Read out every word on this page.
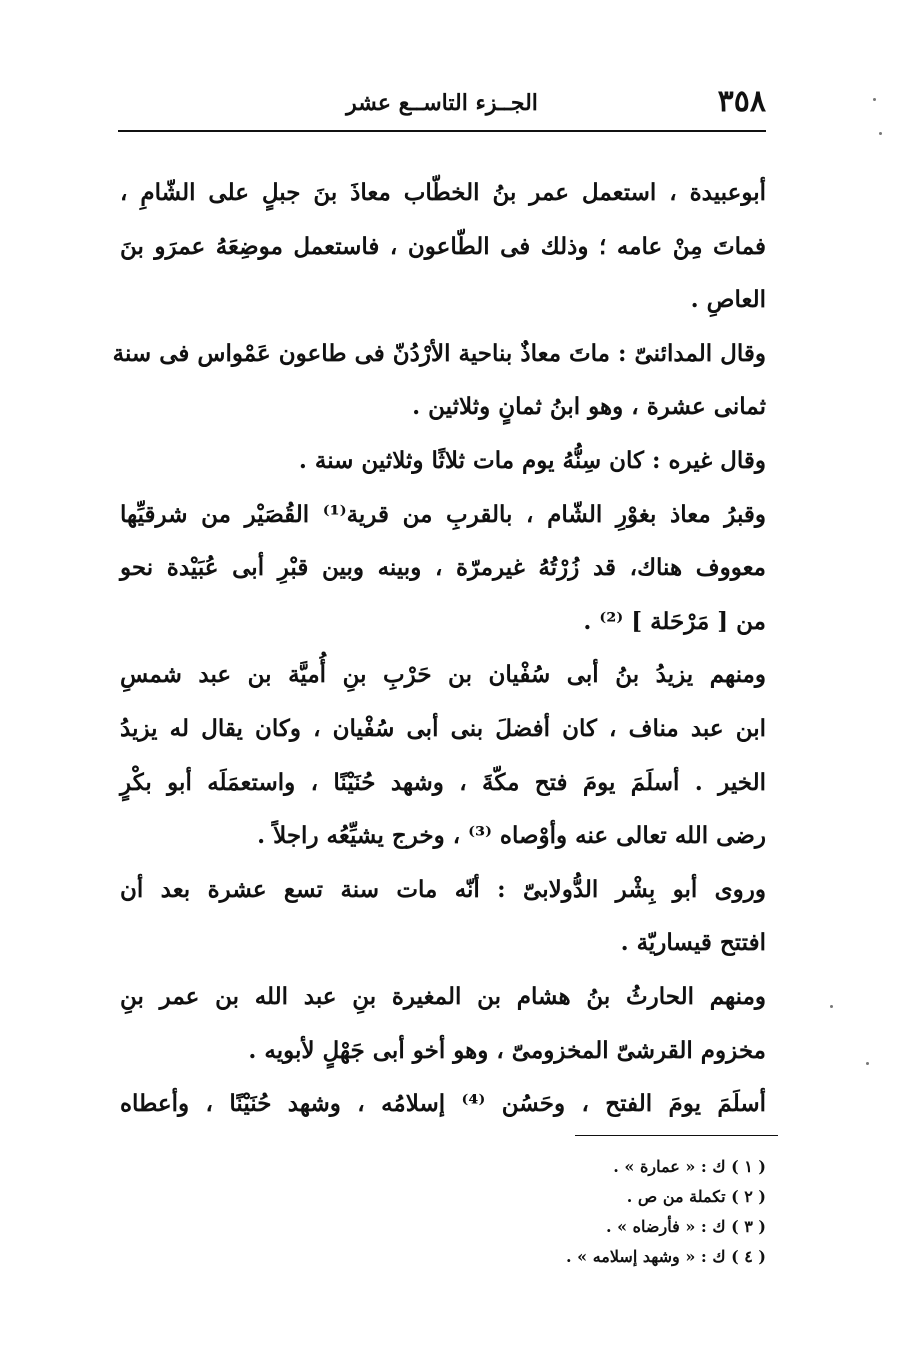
٣٥٨
الجــزء التاســع عشر
أبوعبيدة ، استعمل عمر بنُ الخطّاب معاذَ بنَ جبلٍ على الشّامِ ،
فماتَ مِنْ عامه ؛ وذلك فى الطّاعون ، فاستعمل موضِعَهُ عمرَو بنَ
العاصِ .
وقال المدائنىّ : ماتَ معاذٌ بناحية الأرْدُنّ فى طاعون عَمْواس فى سنة
ثمانى عشرة ، وهو ابنُ ثمانٍ وثلاثين .
وقال غيره : كان سِنُّهُ يوم مات ثلاثًا وثلاثين سنة .
وقبرُ معاذ بغوْرِ الشّام ، بالقربِ من قرية⁽¹⁾ القُصَيْر من شرقيِّها
معووف هناك، قد زُرْتُهُ غيرمرّة ، وبينه وبين قبْرِ أبى عُبَيْدة نحو
من [ مَرْحَلة ] ⁽²⁾ .
ومنهم يزيدُ بنُ أبى سُفْيان بن حَرْبِ بنِ أُميَّة بن عبد شمسِ
ابن عبد مناف ، كان أفضلَ بنى أبى سُفْيان ، وكان يقال له يزيدُ
الخير . أسلَمَ يومَ فتح مكّةَ ، وشهد حُنَيْنًا ، واستعمَلَه أبو بكْرٍ
رضى الله تعالى عنه وأوْصاه ⁽³⁾ ، وخرج يشيِّعُه راجلاً .
وروى أبو بِشْر الدُّولابىّ : أنّه مات سنة تسع عشرة بعد أن
افتتح قيساريّة .
ومنهم الحارثُ بنُ هشام بن المغيرة بنِ عبد الله بن عمر بنِ
مخزوم القرشىّ المخزومىّ ، وهو أخو أبى جَهْلٍ لأبويه .
أسلَمَ يومَ الفتح ، وحَسُن ⁽⁴⁾ إسلامُه ، وشهد حُنَيْنًا ، وأعطاه
( ١ ) ك : « عمارة » .
( ٢ ) تكملة من ص .
( ٣ ) ك : « فأرضاه » .
( ٤ ) ك : « وشهد إسلامه » .
